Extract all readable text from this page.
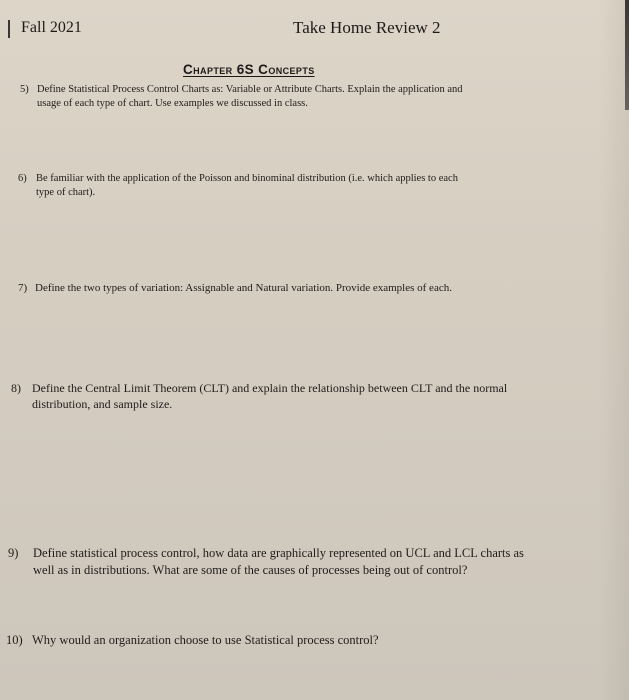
Fall 2021	Take Home Review 2
Chapter 6S Concepts
5) Define Statistical Process Control Charts as: Variable or Attribute Charts. Explain the application and
usage of each type of chart. Use examples we discussed in class.
6) Be familiar with the application of the Poisson and binominal distribution (i.e. which applies to each
type of chart).
7) Define the two types of variation: Assignable and Natural variation. Provide examples of each.
8) Define the Central Limit Theorem (CLT) and explain the relationship between CLT and the normal
distribution, and sample size.
9) Define statistical process control, how data are graphically represented on UCL and LCL charts as
well as in distributions. What are some of the causes of processes being out of control?
10) Why would an organization choose to use Statistical process control?
